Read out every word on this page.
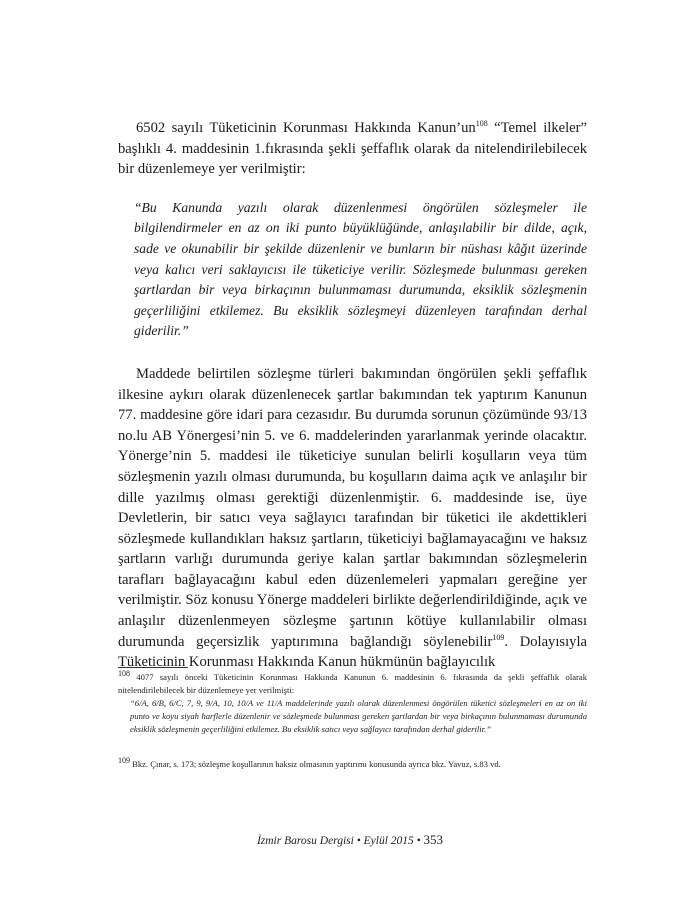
6502 sayılı Tüketicinin Korunması Hakkında $Kanun’un^{108}$ “Temel ilkeler” başlıklı 4. maddesinin 1.fıkrasında şekli şeffaflık olarak da nitelendirilebilecek bir düzenlemeye yer verilmiştir:

“Bu Kanunda yazılı olarak düzenlenmesi öngörülen sözleşmeler ile bilgilendirmeler en az on iki punto büyüklüğünde, anlaşılabilir bir dilde, açık, sade ve okunabilir bir şekilde düzenlenir ve bunların bir nüshası kâğıt üzerinde veya kalıcı veri saklayıcısı ile tüketiciye verilir. Sözleşmede bulunması gereken şartlardan bir veya birkaçının bulunmaması durumunda, eksiklik sözleşmenin geçerliliğini etkilemez. Bu eksiklik sözleşmeyi düzenleyen tarafından derhal giderilir.”

Maddede belirtilen sözleşme türleri bakımından öngörülen şekli şeffaflık ilkesine aykırı olarak düzenlenecek şartlar bakımından tek yaptırım Kanunun 77. maddesine göre idari para cezasıdır. Bu durumda sorunun çözümünde 93/13 no.lu AB Yönergesi’nin 5. ve 6. maddelerinden yararlanmak yerinde olacaktır. Yönerge’nin 5. maddesi ile tüketiciye sunulan belirli koşulların veya tüm sözleşmenin yazılı olması durumunda, bu koşulların daima açık ve anlaşılır bir dille yazılmış olması gerektiği düzenlenmiştir. 6. maddesinde ise, üye Devletlerin, bir satıcı veya sağlayıcı tarafından bir tüketici ile akdettikleri sözleşmede kullandıkları haksız şartların, tüketiciyi bağlamayacağını ve haksız şartların varlığı durumunda geriye kalan şartlar bakımından sözleşmelerin tarafları bağlayacağını kabul eden düzenlemeleri yapmaları gereğine yer verilmiştir. Söz konusu Yönerge maddeleri birlikte değerlendirildiğinde, açık ve anlaşılır düzenlenmeyen sözleşme şartının kötüye kullanılabilir olması durumunda geçersizlik yaptırımına bağlandığı söylenebilir$^{109}$. Dolayısıyla Tüketicinin Korunması Hakkında Kanun hükmünün bağlayıcılık

$^{108}$ 4077 sayılı önceki Tüketicinin Korunması Hakkında Kanunun 6. maddesinin 6. fıkrasında da şekli şeffaflık olarak nitelendirilebilecek bir düzenlemeye yer verilmişti:

“6/A, 6/B, 6/C, 7, 9, 9/A, 10, 10/A ve 11/A maddelerinde yazılı olarak düzenlenmesi öngörülen tüketici sözleşmeleri en az on iki punto ve koyu siyah harflerle düzenlenir ve sözleşmede bulunması gereken şartlardan bir veya birkaçının bulunmaması durumunda eksiklik sözleşmenin geçerliliğini etkilemez. Bu eksiklik satıcı veya sağlayıcı tarafından derhal giderilir.”

$^{109}$ Bkz. Çınar, s. 173; sözleşme koşullarının haksız olmasının yaptırımı konusunda ayrıca bkz. Yavuz, s.83 vd.

İzmir Barosu Dergisi • Eylül 2015 • 353
